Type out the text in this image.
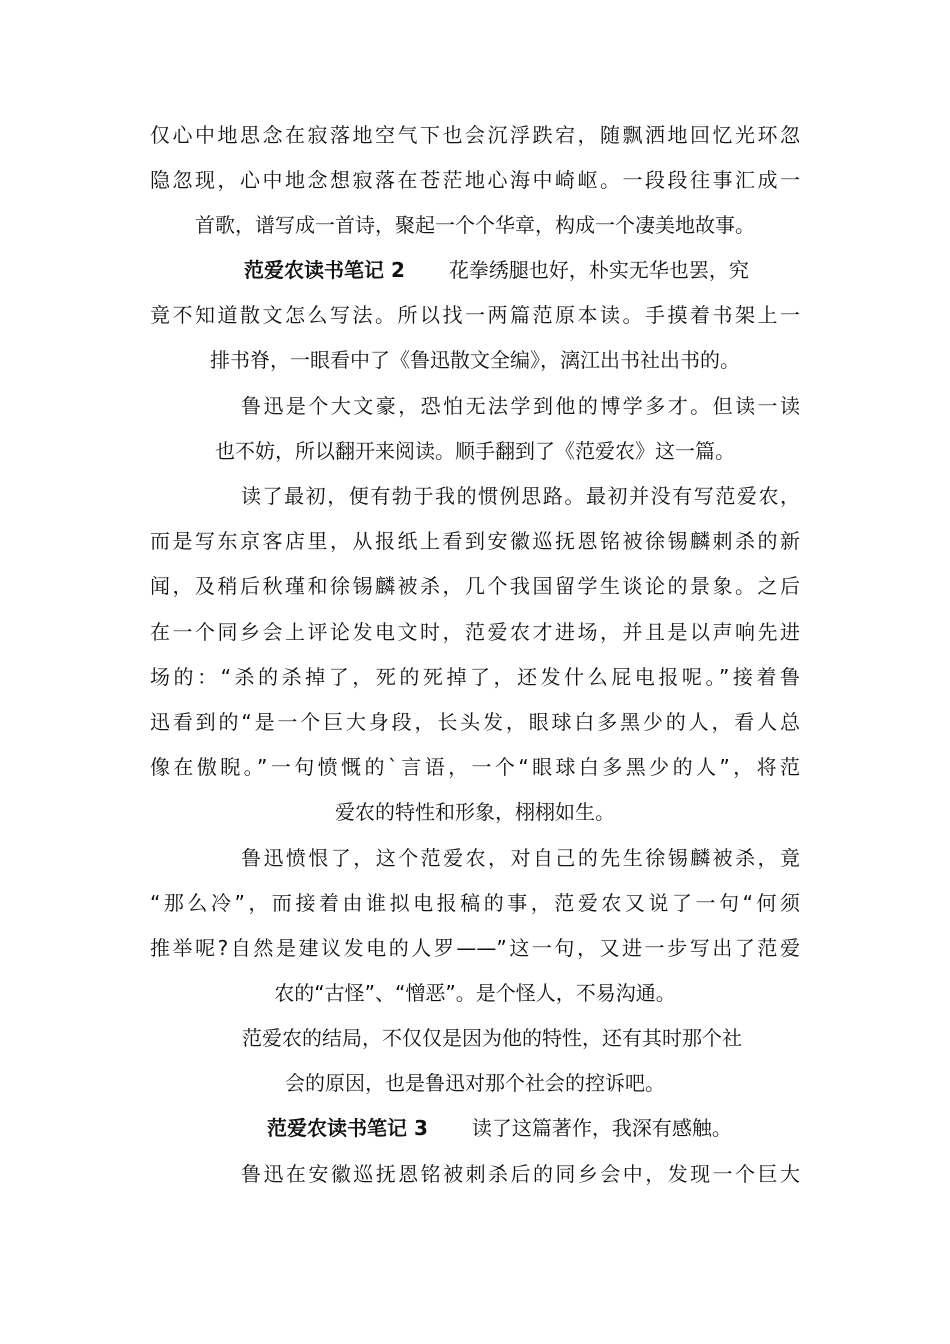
仅心中地思念在寂落地空气下也会沉浮跌宕，随飘洒地回忆光环忽
隐忽现，心中地念想寂落在苍茫地心海中崎岖。一段段往事汇成一
首歌，谱写成一首诗，聚起一个个华章，构成一个凄美地故事。
范爱农读书笔记 2 花拳绣腿也好，朴实无华也罢，究
竟不知道散文怎么写法。所以找一两篇范原本读。手摸着书架上一
排书脊，一眼看中了《鲁迅散文全编》，漓江出书社出书的。
鲁迅是个大文豪，恐怕无法学到他的博学多才。但读一读
也不妨，所以翻开来阅读。顺手翻到了《范爱农》这一篇。
读了最初，便有勃于我的惯例思路。最初并没有写范爱农，
而是写东京客店里，从报纸上看到安徽巡抚恩铭被徐锡麟刺杀的新
闻，及稍后秋瑾和徐锡麟被杀，几个我国留学生谈论的景象。之后
在一个同乡会上评论发电文时，范爱农才进场，并且是以声响先进
场的：“杀的杀掉了，死的死掉了，还发什么屁电报呢。”接着鲁
迅看到的“是一个巨大身段，长头发，眼球白多黑少的人，看人总
像在傲睨。”一句愤慨的`言语，一个“眼球白多黑少的人”，将范
爱农的特性和形象，栩栩如生。
鲁迅愤恨了，这个范爱农，对自己的先生徐锡麟被杀，竟
“那么冷”，而接着由谁拟电报稿的事，范爱农又说了一句“何须
推举呢?自然是建议发电的人罗——”这一句，又进一步写出了范爱
农的“古怪”、“憎恶”。是个怪人，不易沟通。
范爱农的结局，不仅仅是因为他的特性，还有其时那个社
会的原因，也是鲁迅对那个社会的控诉吧。
范爱农读书笔记 3 读了这篇著作，我深有感触。
鲁迅在安徽巡抚恩铭被刺杀后的同乡会中，发现一个巨大
